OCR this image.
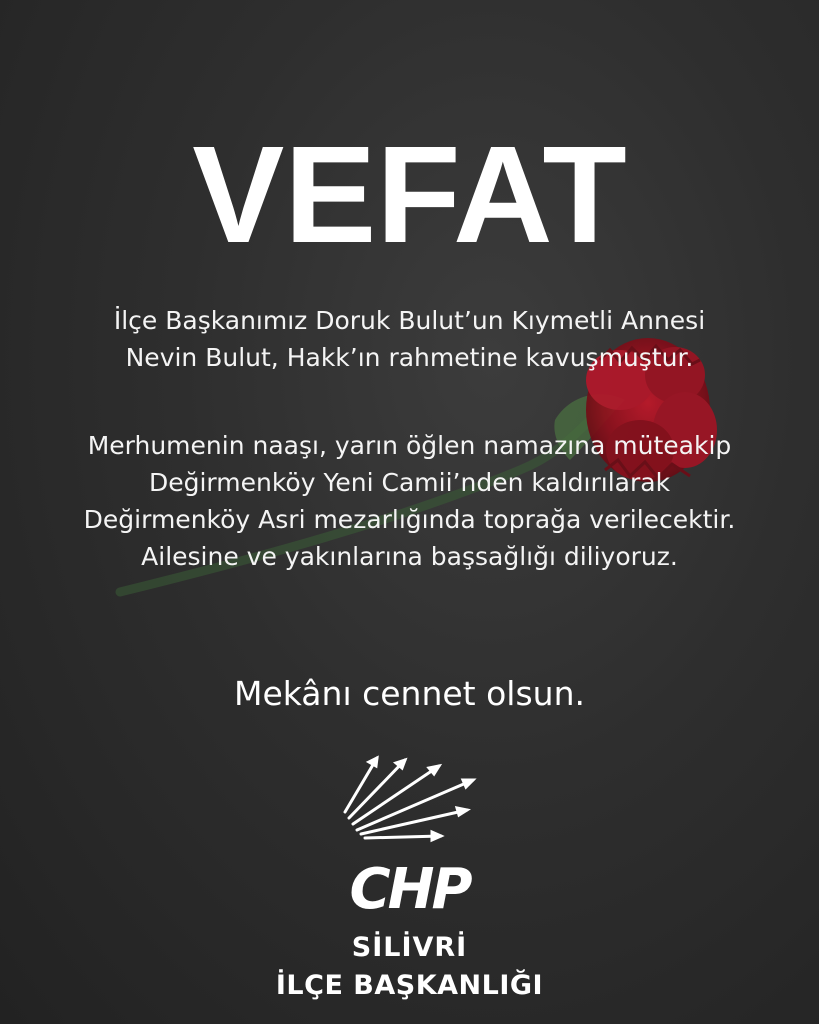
VEFAT
İlçe Başkanımız Doruk Bulut’un Kıymetli Annesi
Nevin Bulut, Hakk’ın rahmetine kavuşmuştur.
Merhumenin naaşı, yarın öğlen namazına müteakip
Değirmenköy Yeni Camii’nden kaldırılarak
Değirmenköy Asri mezarlığında toprağa verilecektir.
Ailesine ve yakınlarına başsağlığı diliyoruz.
Mekânı cennet olsun.
CHP
SİLİVRİ
İLÇE BAŞKANLIĞI
